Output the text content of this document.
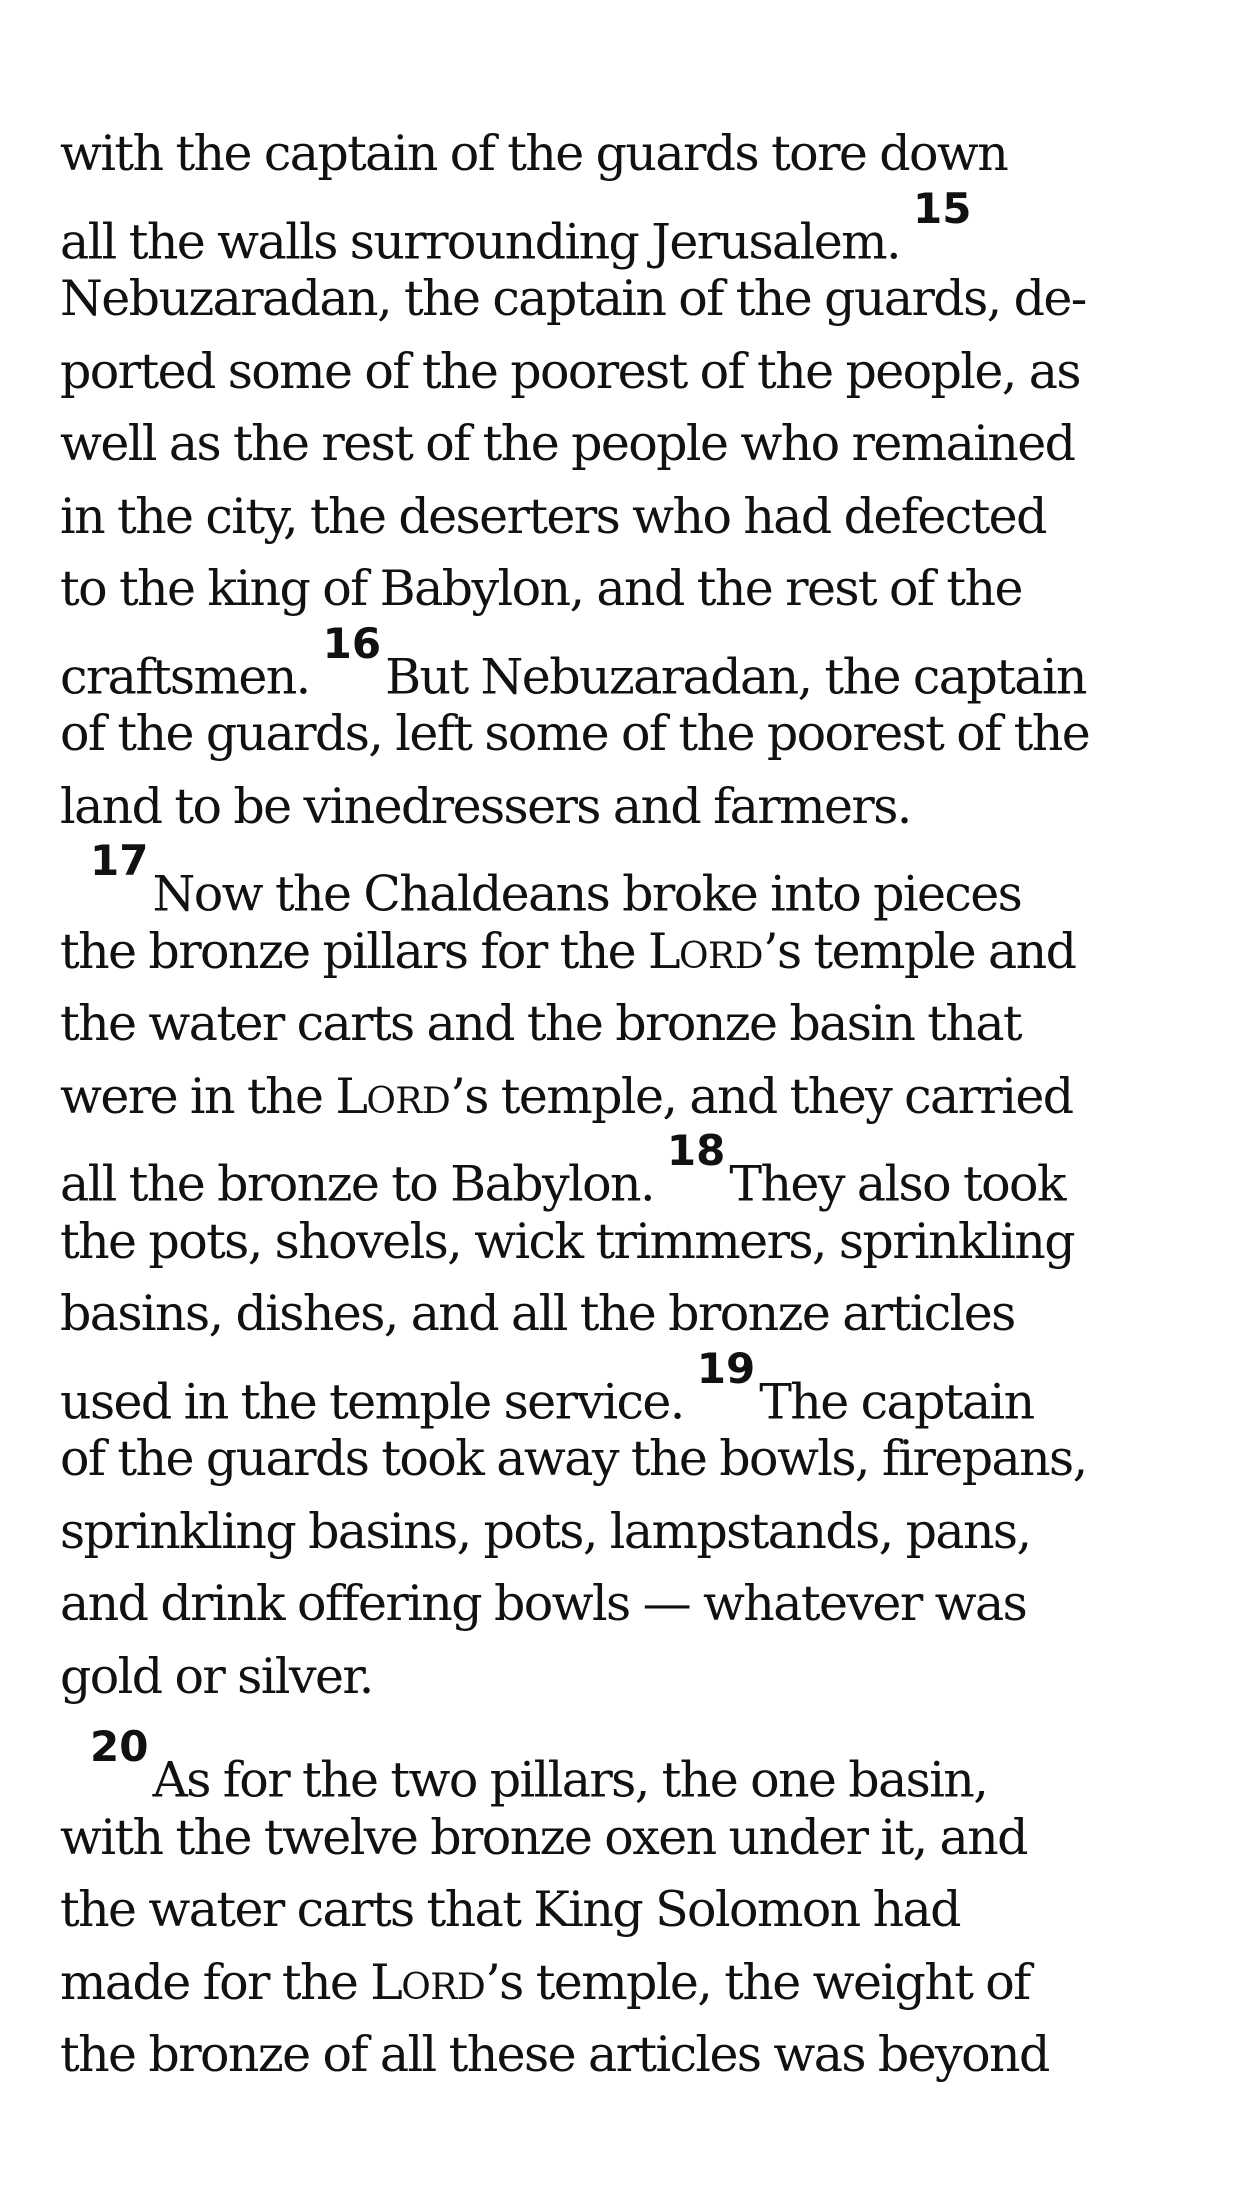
with the captain of the guards tore down
all the walls surrounding Jerusalem. $^{15}$
Nebuzaradan, the captain of the guards, de-
ported some of the poorest of the people, as
well as the rest of the people who remained
in the city, the deserters who had defected
to the king of Babylon, and the rest of the
craftsmen. $^{16}$But Nebuzaradan, the captain
of the guards, left some of the poorest of the
land to be vinedressers and farmers.
$^{17}$Now the Chaldeans broke into pieces
the bronze pillars for the LORD’s temple and
the water carts and the bronze basin that
were in the LORD’s temple, and they carried
all the bronze to Babylon. $^{18}$They also took
the pots, shovels, wick trimmers, sprinkling
basins, dishes, and all the bronze articles
used in the temple service. $^{19}$The captain
of the guards took away the bowls, firepans,
sprinkling basins, pots, lampstands, pans,
and drink offering bowls — whatever was
gold or silver.
$^{20}$As for the two pillars, the one basin,
with the twelve bronze oxen under it, and
the water carts that King Solomon had
made for the LORD’s temple, the weight of
the bronze of all these articles was beyond
